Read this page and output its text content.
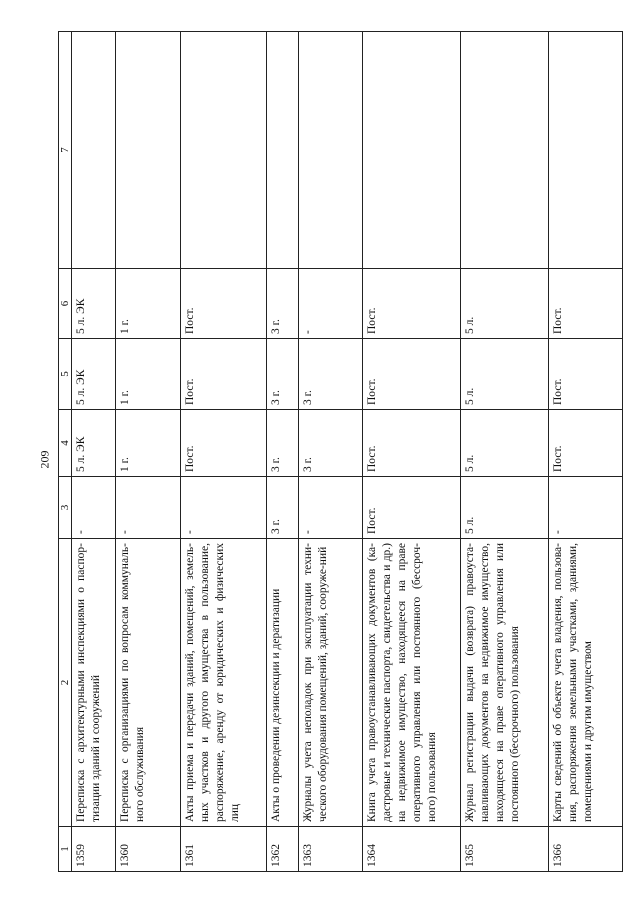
209
1	2	3	4	5	6	7
1359	Переписка с архитектурными инспекциями о паспор-тизации зданий и сооружений	-	5 л. ЭК	5 л. ЭК	5 л. ЭК	
1360	Переписка с организациями по вопросам коммуналь-ного обслуживания	-	1 г.	1 г.	1 г.	
1361	Акты приема и передачи зданий, помещений, земель-ных участков и другого имущества в пользование, распоряжение, аренду от юридических и физических лиц	-	Пост.	Пост.	Пост.	
1362	Акты о проведении дезинсекции и дератизации	3 г.	3 г.	3 г.	3 г.	
1363	Журналы учета неполадок при эксплуатации техни-ческого оборудования помещений, зданий, сооруже-ний	-	3 г.	3 г.	-	
1364	Книга учета правоустанавливающих документов (ка-дастровые и технические паспорта, свидетельства и др.) на недвижимое имущество, находящееся на праве оперативного управления или постоянного (бессроч-ного) пользования	Пост.	Пост.	Пост.	Пост.	
1365	Журнал регистрации выдачи (возврата) правоуста-навливающих документов на недвижимое имущество, находящееся на праве оперативного управления или постоянного (бессрочного) пользования	5 л.	5 л.	5 л.	5 л.	
1366	Карты сведений об объекте учета владения, пользова-ния, распоряжения земельными участками, зданиями, помещениями и другим имуществом	-	Пост.	Пост.	Пост.	
